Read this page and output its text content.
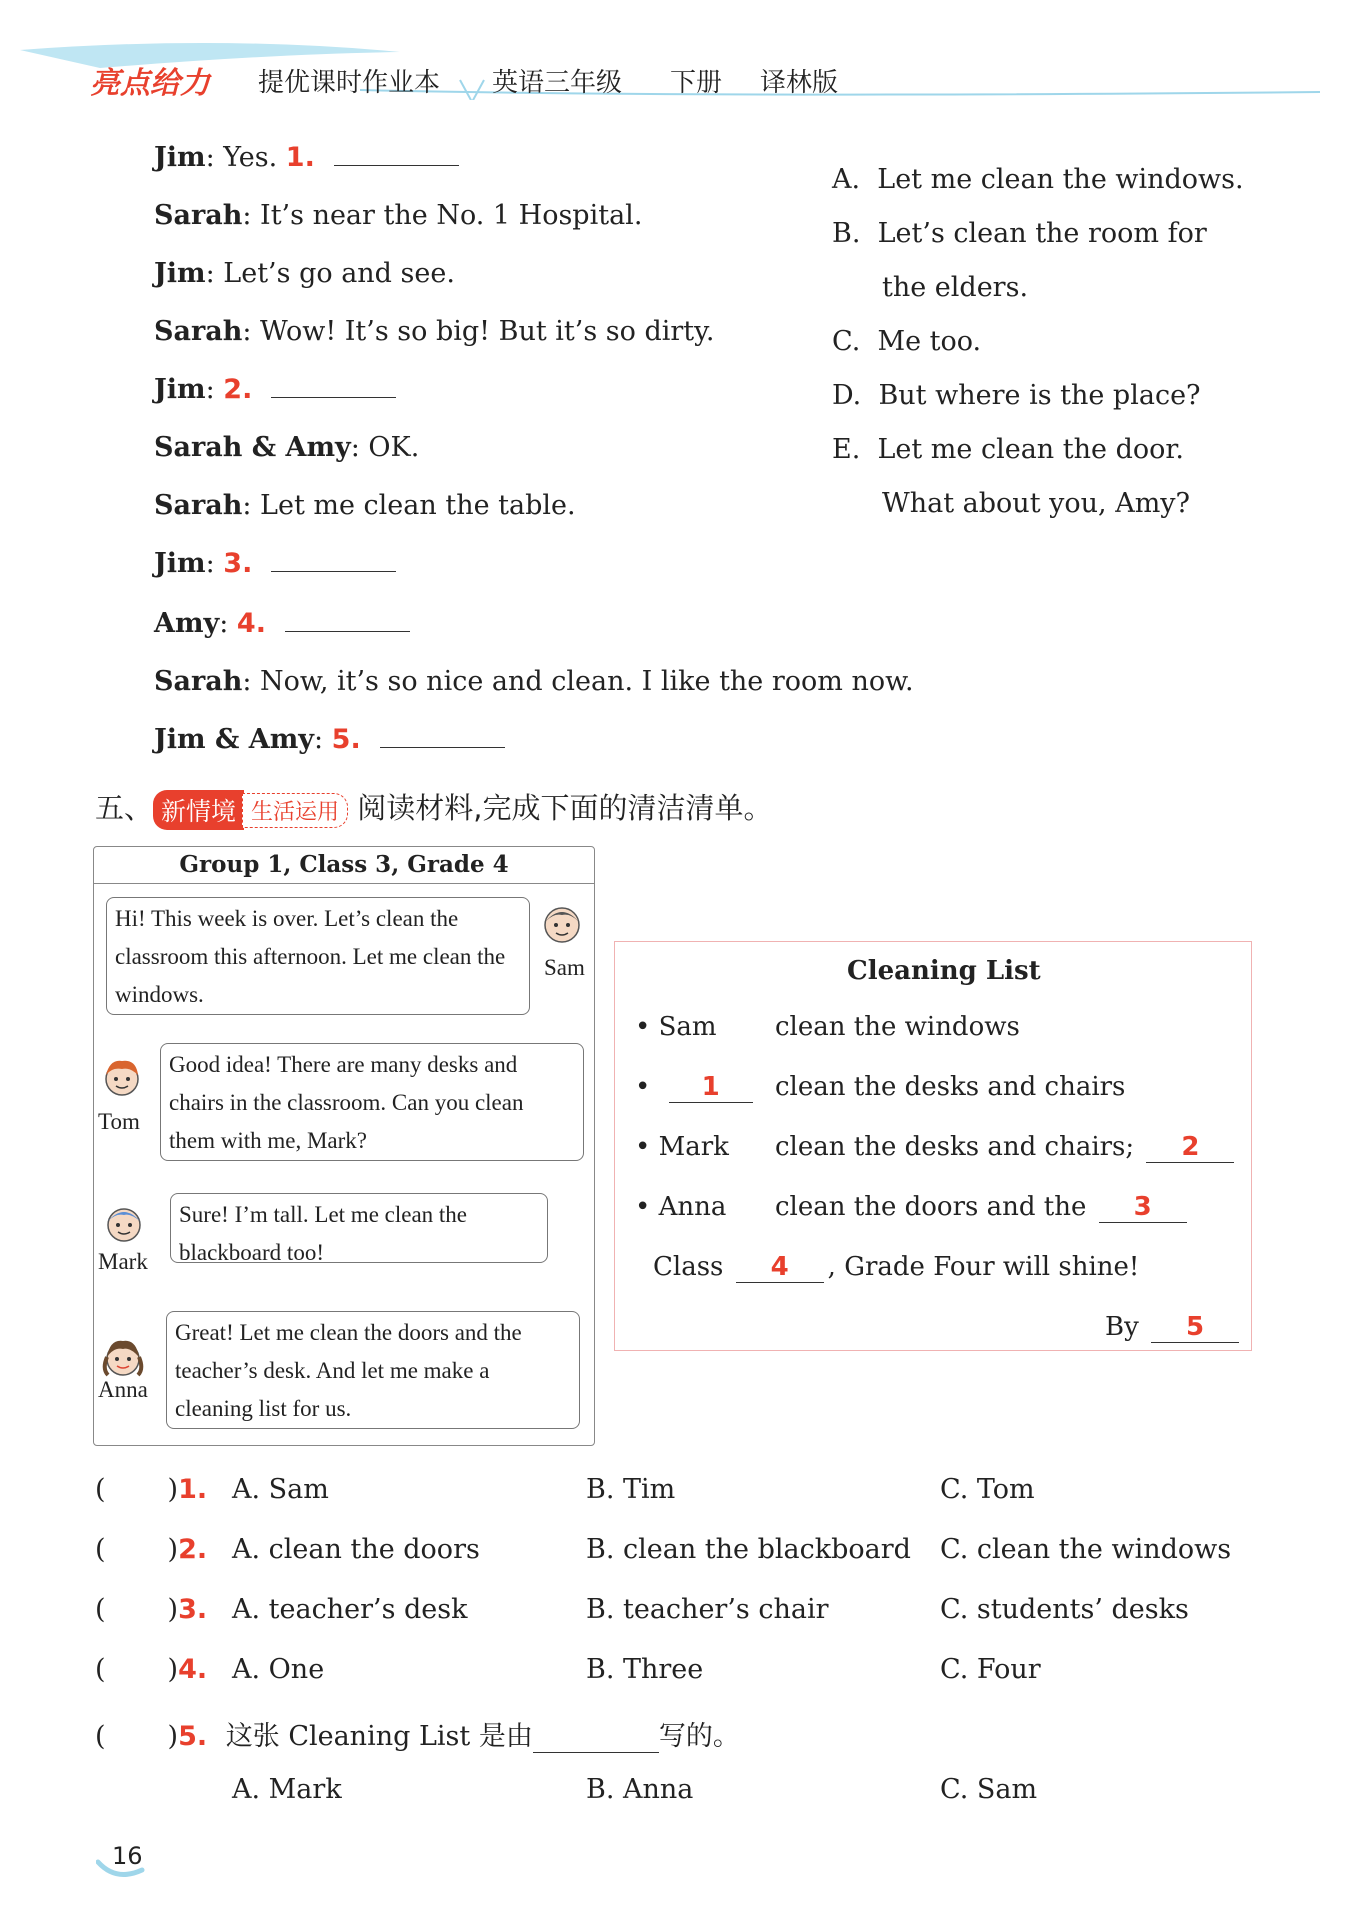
亮点给力 提优课时作业本 英语三年级 下册 译林版
Jim: Yes. 1.
Sarah: It’s near the No. 1 Hospital.
Jim: Let’s go and see.
Sarah: Wow! It’s so big! But it’s so dirty.
Jim: 2.
Sarah & Amy: OK.
Sarah: Let me clean the table.
Jim: 3.
Amy: 4.
Sarah: Now, it’s so nice and clean. I like the room now.
Jim & Amy: 5.
A. Let me clean the windows.
B. Let’s clean the room for
the elders.
C. Me too.
D. But where is the place?
E. Let me clean the door.
What about you, Amy?
五、 新情境 生活运用 阅读材料,完成下面的清洁清单。
Group 1, Class 3, Grade 4
Hi! This week is over. Let’s clean the classroom this afternoon. Let me clean the windows.
Sam
Good idea! There are many desks and chairs in the classroom. Can you clean them with me, Mark?
Tom
Sure! I’m tall. Let me clean the blackboard too!
Mark
Great! Let me clean the doors and the teacher’s desk. And let me make a cleaning list for us.
Anna
Cleaning List
• Sam clean the windows
• 1	clean the desks and chairs
• Mark clean the desks and chairs; 2
• Anna clean the doors and the 3
Class 4 , Grade Four will shine!
By 5
( )1. A. Sam	B. Tim	C. Tom
( )2. A. clean the doors	B. clean the blackboard C. clean the windows
( )3. A. teacher’s desk	B. teacher’s chair	C. students’ desks
( )4. A. One	B. Three	C. Four
( )5. 这张 Cleaning List 是由	写的。
A. Mark	B. Anna	C. Sam
16
